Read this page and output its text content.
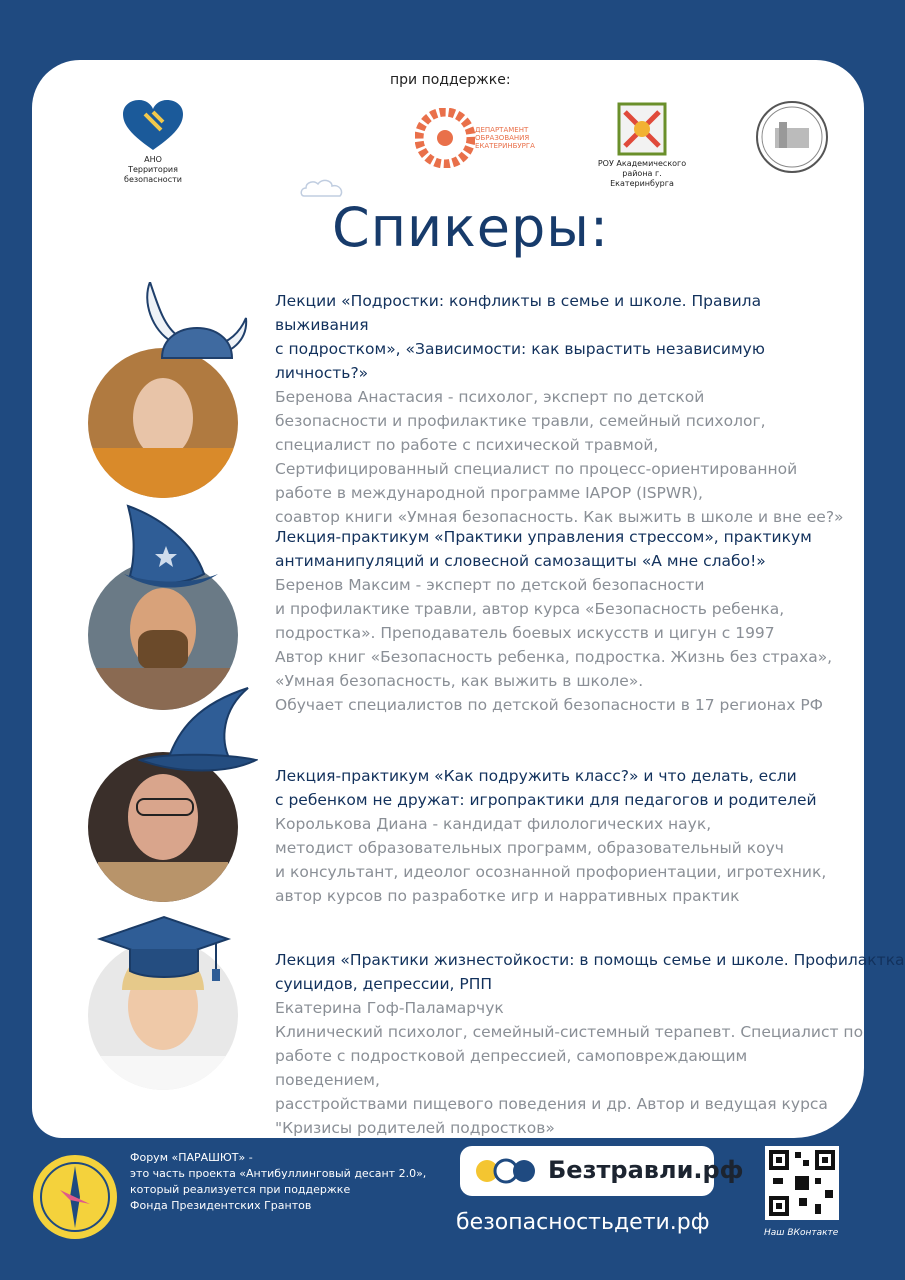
при поддержке:
АНО
Территория
безопасности
ДЕПАРТАМЕНТ
ОБРАЗОВАНИЯ
ЕКАТЕРИНБУРГА
РОУ Академического
района г. Екатеринбурга
Спикеры:
Лекции «Подростки: конфликты в семье и школе. Правила выживания
с подростком», «Зависимости: как вырастить независимую личность?»
Беренова Анастасия - психолог, эксперт по детской
безопасности и профилактике травли, семейный психолог,
специалист по работе с психической травмой,
Сертифицированный специалист по процесс-ориентированной
работе в международной программе IAPOP (ISPWR),
соавтор книги «Умная безопасность. Как выжить в школе и вне ее?»
Лекция-практикум «Практики управления стрессом», практикум
антиманипуляций и словесной самозащиты «А мне слабо!»
Беренов Максим - эксперт по детской безопасности
и профилактике травли, автор курса «Безопасность ребенка,
подростка». Преподаватель боевых искусств и цигун с 1997
Автор книг «Безопасность ребенка, подростка. Жизнь без страха»,
«Умная безопасность, как выжить в школе».
Обучает специалистов по детской безопасности в 17 регионах РФ
Лекция-практикум «Как подружить класс?» и что делать, если
с ребенком не дружат: игропрактики для педагогов и родителей
Королькова Диана - кандидат филологических наук,
методист образовательных программ, образовательный коуч
и консультант, идеолог осознанной профориентации, игротехник,
автор курсов по разработке игр и нарративных практик
Лекция «Практики жизнестойкости: в помощь семье и школе. Профилактка
суицидов, депрессии, РПП
Екатерина Гоф-Паламарчук
Клинический психолог, семейный-системный терапевт. Специалист по
работе с подростковой депрессией, самоповреждающим поведением,
расстройствами пищевого поведения и др. Автор и ведущая курса
"Кризисы родителей подростков»
Форум «ПАРАШЮТ» -
это часть проекта «Антибуллинговый десант 2.0»,
который реализуется при поддержке
Фонда Президентских Грантов
Безтравли.рф
безопасностьдети.рф	Наш ВКонтакте
